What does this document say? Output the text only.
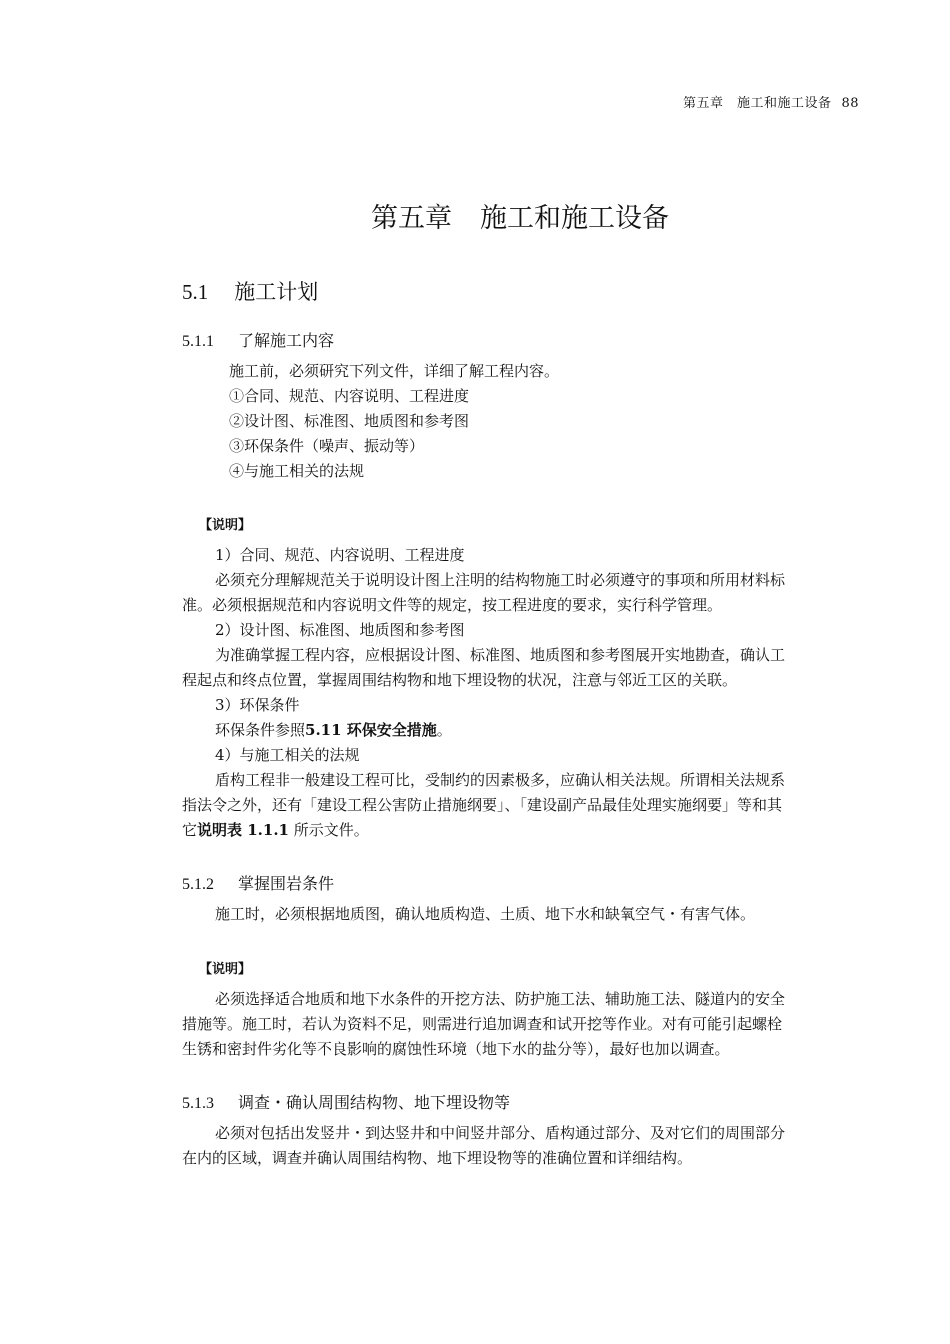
第五章　施工和施工设备 88
第五章 施工和施工设备
5.1 施工计划
5.1.1 了解施工内容
施工前，必须研究下列文件，详细了解工程内容。
①合同、规范、内容说明、工程进度
②设计图、标准图、地质图和参考图
③环保条件（噪声、振动等）
④与施工相关的法规
【说明】
1）合同、规范、内容说明、工程进度
必须充分理解规范关于说明设计图上注明的结构物施工时必须遵守的事项和所用材料标
准。必须根据规范和内容说明文件等的规定，按工程进度的要求，实行科学管理。
2）设计图、标准图、地质图和参考图
为准确掌握工程内容，应根据设计图、标准图、地质图和参考图展开实地勘查，确认工
程起点和终点位置，掌握周围结构物和地下埋设物的状况，注意与邻近工区的关联。
3）环保条件
环保条件参照5.11 环保安全措施。
4）与施工相关的法规
盾构工程非一般建设工程可比，受制约的因素极多，应确认相关法规。所谓相关法规系
指法令之外，还有「建设工程公害防止措施纲要」、「建设副产品最佳处理实施纲要」等和其
它说明表 1.1.1 所示文件。
5.1.2 掌握围岩条件
施工时，必须根据地质图，确认地质构造、土质、地下水和缺氧空气・有害气体。
【说明】
必须选择适合地质和地下水条件的开挖方法、防护施工法、辅助施工法、隧道内的安全
措施等。施工时，若认为资料不足，则需进行追加调查和试开挖等作业。对有可能引起螺栓
生锈和密封件劣化等不良影响的腐蚀性环境（地下水的盐分等），最好也加以调查。
5.1.3 调查・确认周围结构物、地下埋设物等
必须对包括出发竖井・到达竖井和中间竖井部分、盾构通过部分、及对它们的周围部分
在内的区域，调查并确认周围结构物、地下埋设物等的准确位置和详细结构。
